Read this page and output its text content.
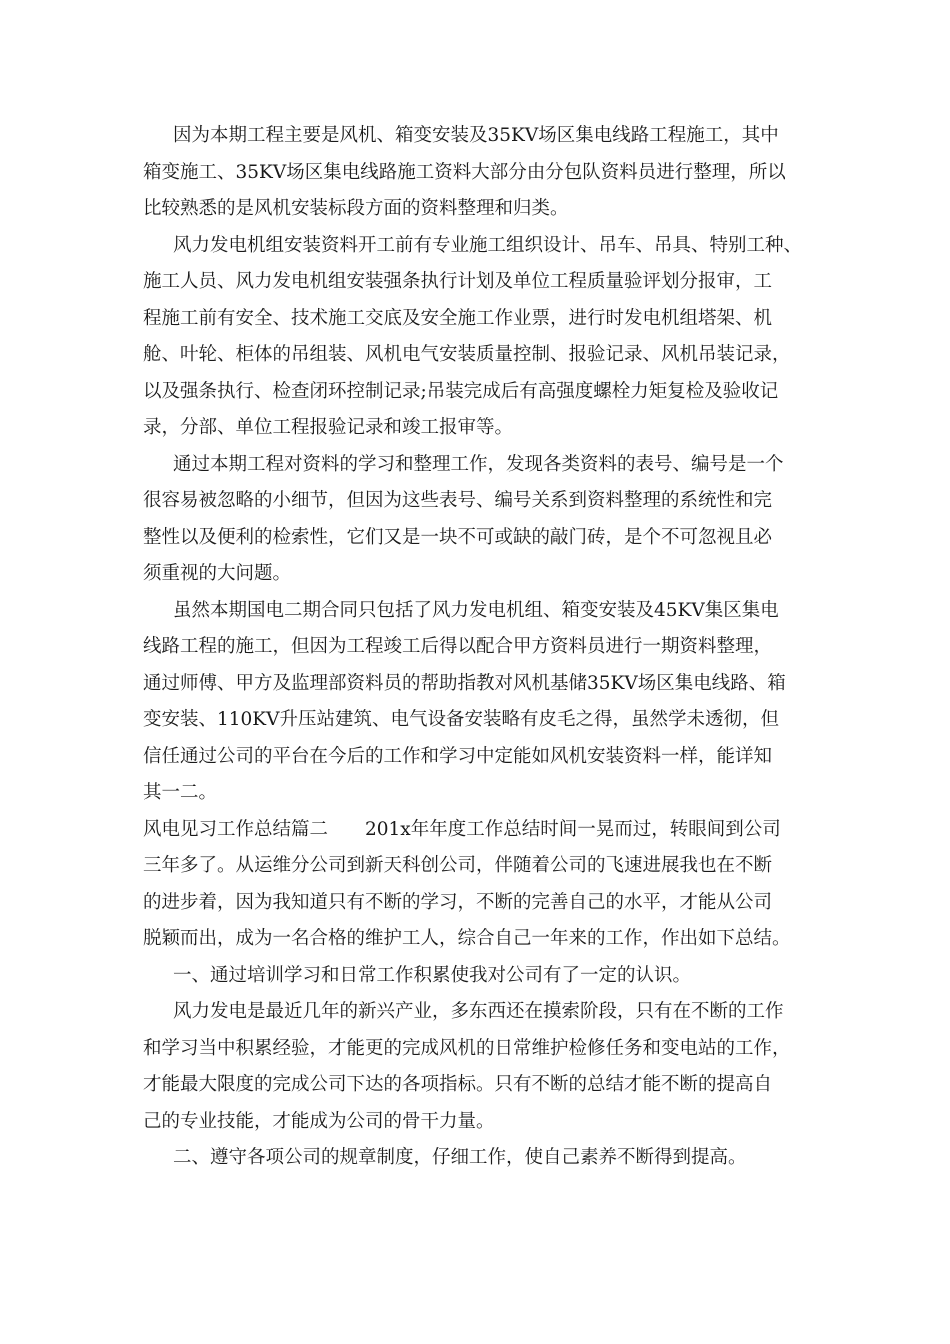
因为本期工程主要是风机、箱变安装及35KV场区集电线路工程施工，其中
箱变施工、35KV场区集电线路施工资料大部分由分包队资料员进行整理，所以
比较熟悉的是风机安装标段方面的资料整理和归类。
风力发电机组安装资料开工前有专业施工组织设计、吊车、吊具、特别工种、
施工人员、风力发电机组安装强条执行计划及单位工程质量验评划分报审，工
程施工前有安全、技术施工交底及安全施工作业票，进行时发电机组塔架、机
舱、叶轮、柜体的吊组装、风机电气安装质量控制、报验记录、风机吊装记录，
以及强条执行、检查闭环控制记录;吊装完成后有高强度螺栓力矩复检及验收记
录，分部、单位工程报验记录和竣工报审等。
通过本期工程对资料的学习和整理工作，发现各类资料的表号、编号是一个
很容易被忽略的小细节，但因为这些表号、编号关系到资料整理的系统性和完
整性以及便利的检索性，它们又是一块不可或缺的敲门砖，是个不可忽视且必
须重视的大问题。
虽然本期国电二期合同只包括了风力发电机组、箱变安装及45KV集区集电
线路工程的施工，但因为工程竣工后得以配合甲方资料员进行一期资料整理，
通过师傅、甲方及监理部资料员的帮助指教对风机基储35KV场区集电线路、箱
变安装、110KV升压站建筑、电气设备安装略有皮毛之得，虽然学未透彻，但
信任通过公司的平台在今后的工作和学习中定能如风机安装资料一样，能详知
其一二。
风电见习工作总结篇二　　201x年年度工作总结时间一晃而过，转眼间到公司
三年多了。从运维分公司到新天科创公司，伴随着公司的飞速进展我也在不断
的进步着，因为我知道只有不断的学习，不断的完善自己的水平，才能从公司
脱颖而出，成为一名合格的维护工人，综合自己一年来的工作，作出如下总结。
一、通过培训学习和日常工作积累使我对公司有了一定的认识。
风力发电是最近几年的新兴产业，多东西还在摸索阶段，只有在不断的工作
和学习当中积累经验，才能更的完成风机的日常维护检修任务和变电站的工作，
才能最大限度的完成公司下达的各项指标。只有不断的总结才能不断的提高自
己的专业技能，才能成为公司的骨干力量。
二、遵守各项公司的规章制度，仔细工作，使自己素养不断得到提高。
